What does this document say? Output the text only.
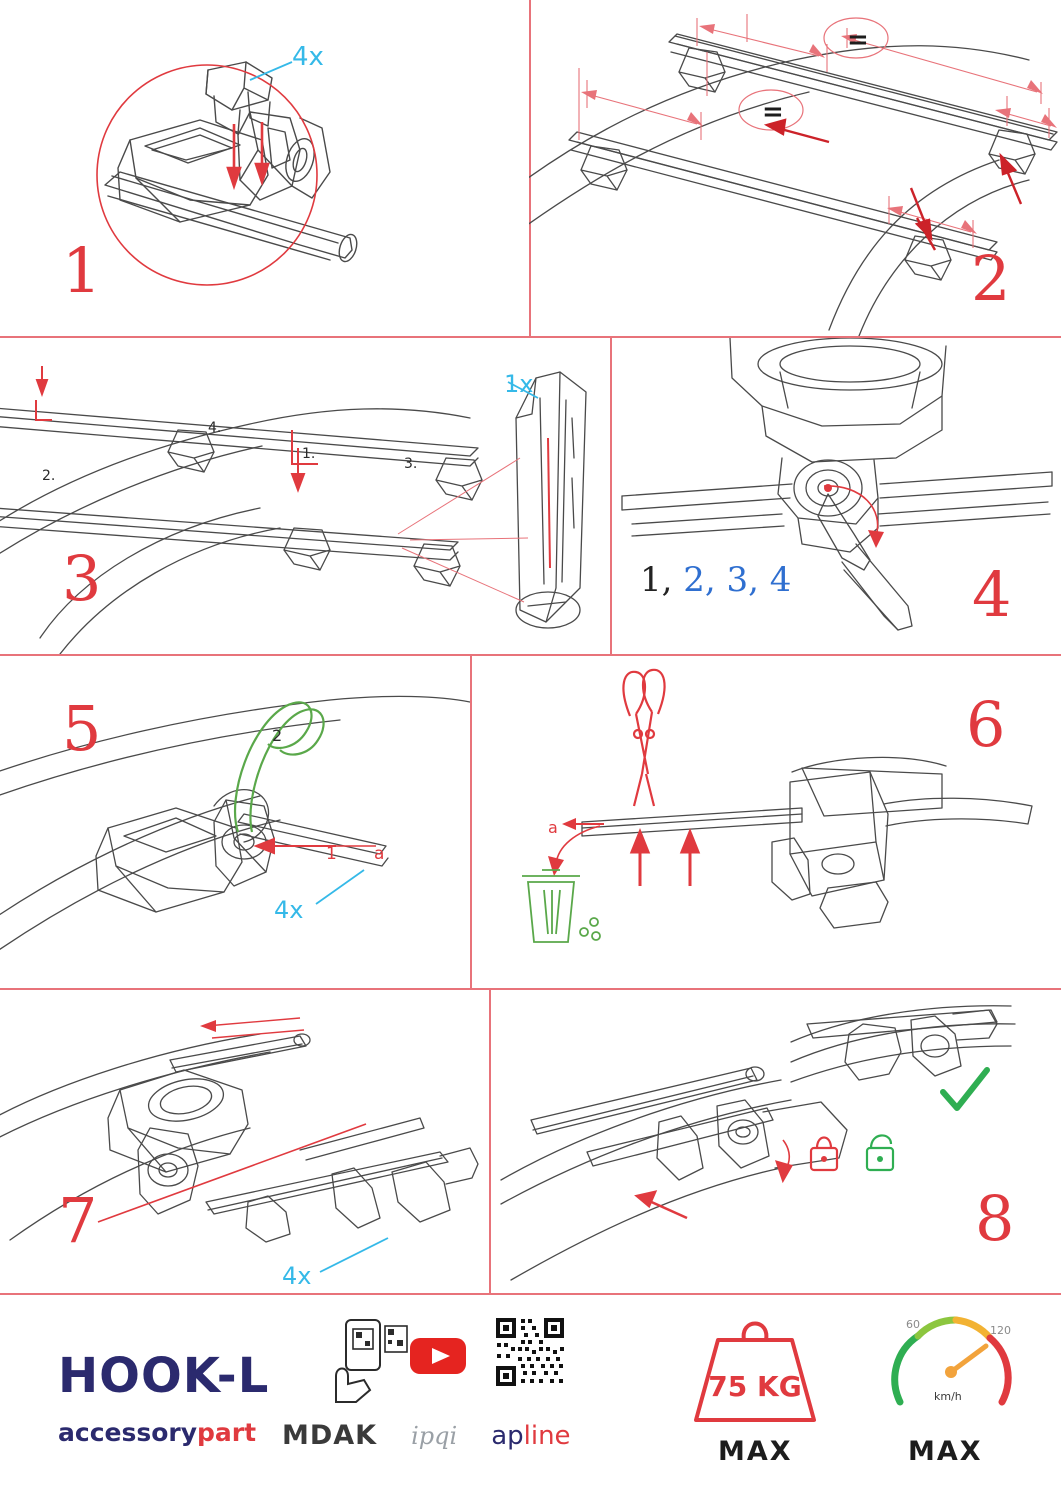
4x
1
=
=
2
4.
1.
3.
2.
1x
3	1, 2, 3, 4	4
5	2
1 a
4x
a
6
7
4x
8
HOOK-L
accessorypart MDAK ipqi apline
75 KG
MAX
60	120
km/h
MAX
